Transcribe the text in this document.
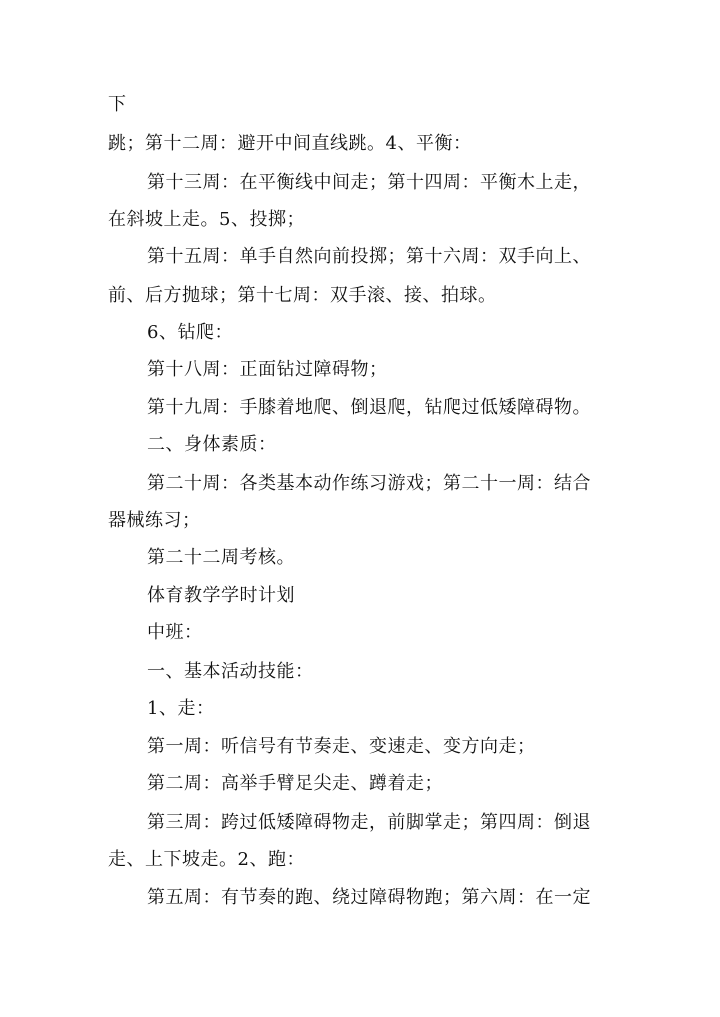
下
跳；第十二周：避开中间直线跳。4、平衡：
第十三周：在平衡线中间走；第十四周：平衡木上走，
在斜坡上走。5、投掷；
第十五周：单手自然向前投掷；第十六周：双手向上、
前、后方抛球；第十七周：双手滚、接、拍球。
6、钻爬：
第十八周：正面钻过障碍物；
第十九周：手膝着地爬、倒退爬，钻爬过低矮障碍物。
二、身体素质：
第二十周：各类基本动作练习游戏；第二十一周：结合
器械练习；
第二十二周考核。
体育教学学时计划
中班：
一、基本活动技能：
1、走：
第一周：听信号有节奏走、变速走、变方向走；
第二周：高举手臂足尖走、蹲着走；
第三周：跨过低矮障碍物走，前脚掌走；第四周：倒退
走、上下坡走。2、跑：
第五周：有节奏的跑、绕过障碍物跑；第六周：在一定
